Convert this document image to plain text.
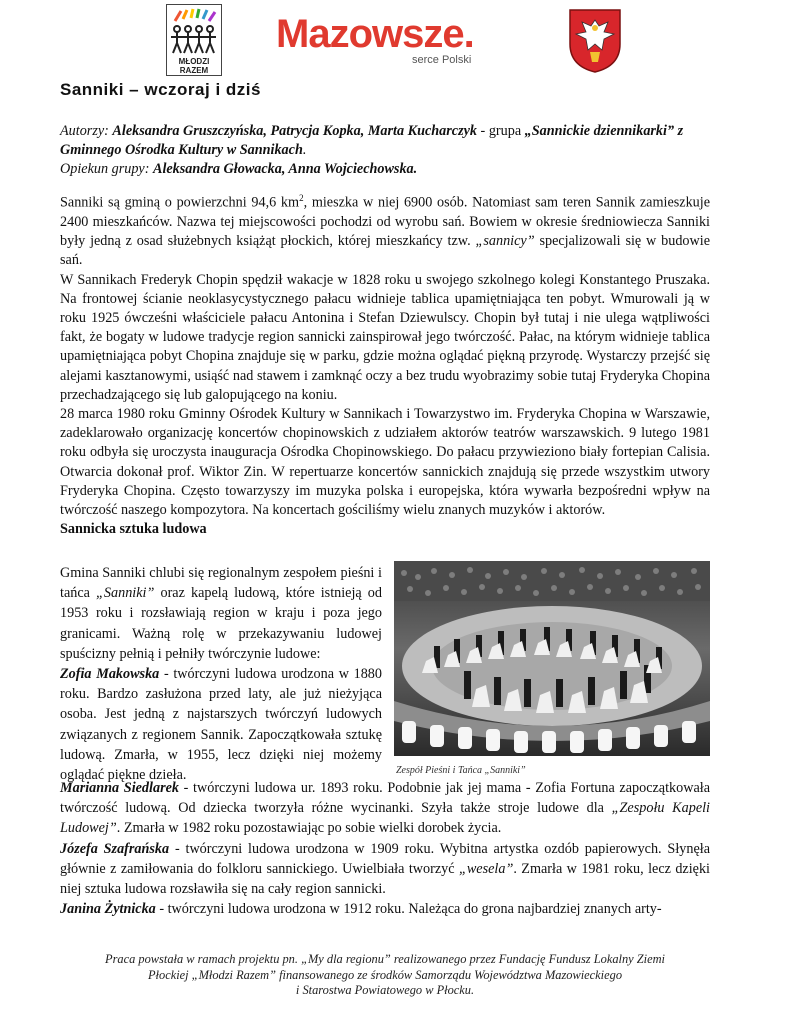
MŁODZI RAZEM
Mazowsze.
serce Polski
Sanniki – wczoraj i dziś
Autorzy: Aleksandra Gruszczyńska, Patrycja Kopka, Marta Kucharczyk - grupa „Sannickie dziennikarki” z Gminnego Ośrodka Kultury w Sannikach.
Opiekun grupy: Aleksandra Głowacka, Anna Wojciechowska.

Sanniki są gminą o powierzchni 94,6 $km^2$, mieszka w niej 6900 osób. Natomiast sam teren Sannik zamieszkuje 2400 mieszkańców. Nazwa tej miejscowości pochodzi od wyrobu sań. Bowiem w okresie średniowiecza Sanniki były jedną z osad służebnych książąt płockich, której mieszkańcy tzw. „sannicy” specjalizowali się w budowie sań.

W Sannikach Frederyk Chopin spędził wakacje w 1828 roku u swojego szkolnego kolegi Konstantego Pruszaka. Na frontowej ścianie neoklasycystycznego pałacu widnieje tablica upamiętniająca ten pobyt. Wmurowali ją w roku 1925 ówcześni właściciele pałacu Antonina i Stefan Dziewulscy. Chopin był tutaj i nie ulega wątpliwości fakt, że bogaty w ludowe tradycje region sannicki zainspirował jego twórczość. Pałac, na którym widnieje tablica upamiętniająca pobyt Chopina znajduje się w parku, gdzie można oglądać piękną przyrodę. Wystarczy przejść się alejami kasztanowymi, usiąść nad stawem i zamknąć oczy a bez trudu wyobrazimy sobie tutaj Fryderyka Chopina przechadzającego się lub galopującego na koniu.

28 marca 1980 roku Gminny Ośrodek Kultury w Sannikach i Towarzystwo im. Fryderyka Chopina w Warszawie, zadeklarowało organizację koncertów chopinowskich z udziałem aktorów teatrów warszawskich. 9 lutego 1981 roku odbyła się uroczysta inauguracja Ośrodka Chopinowskiego. Do pałacu przywieziono biały fortepian Calisia. Otwarcia dokonał prof. Wiktor Zin. W repertuarze koncertów sannickich znajdują się przede wszystkim utwory Fryderyka Chopina. Często towarzyszy im muzyka polska i europejska, która wywarła bezpośredni wpływ na twórczość naszego kompozytora. Na koncertach gościliśmy wielu znanych muzyków i aktorów.

Sannicka sztuka ludowa

Gmina Sanniki chlubi się regionalnym zespołem pieśni i tańca „Sanniki” oraz kapelą ludową, które istnieją od 1953 roku i rozsławiają region w kraju i poza jego granicami. Ważną rolę w przekazywaniu ludowej spuścizny pełnią i pełniły twórczynie ludowe:

Zofia Makowska - twórczyni ludowa urodzona w 1880 roku. Bardzo zasłużona przed laty, ale już nieżyjąca osoba. Jest jedną z najstarszych twórczyń ludowych związanych z regionem Sannik. Zapoczątkowała sztukę ludową. Zmarła, w 1955, lecz dzięki niej możemy oglądać piękne dzieła.	Zespół Pieśni i Tańca „Sanniki”

Marianna Siedlarek - twórczyni ludowa ur. 1893 roku. Podobnie jak jej mama - Zofia Fortuna zapoczątkowała twórczość ludową. Od dziecka tworzyła różne wycinanki. Szyła także stroje ludowe dla „Zespołu Kapeli Ludowej”. Zmarła w 1982 roku pozostawiając po sobie wielki dorobek życia.

Józefa Szafrańska - twórczyni ludowa urodzona w 1909 roku. Wybitna artystka ozdób papierowych. Słynęła głównie z zamiłowania do folkloru sannickiego. Uwielbiała tworzyć „wesela”. Zmarła w 1981 roku, lecz dzięki niej sztuka ludowa rozsławiła się na cały region sannicki.

Janina Żytnicka - twórczyni ludowa urodzona w 1912 roku. Należąca do grona najbardziej znanych arty-

Praca powstała w ramach projektu pn. „My dla regionu” realizowanego przez Fundację Fundusz Lokalny Ziemi
Płockiej „Młodzi Razem” finansowanego ze środków Samorządu Województwa Mazowieckiego
i Starostwa Powiatowego w Płocku.
